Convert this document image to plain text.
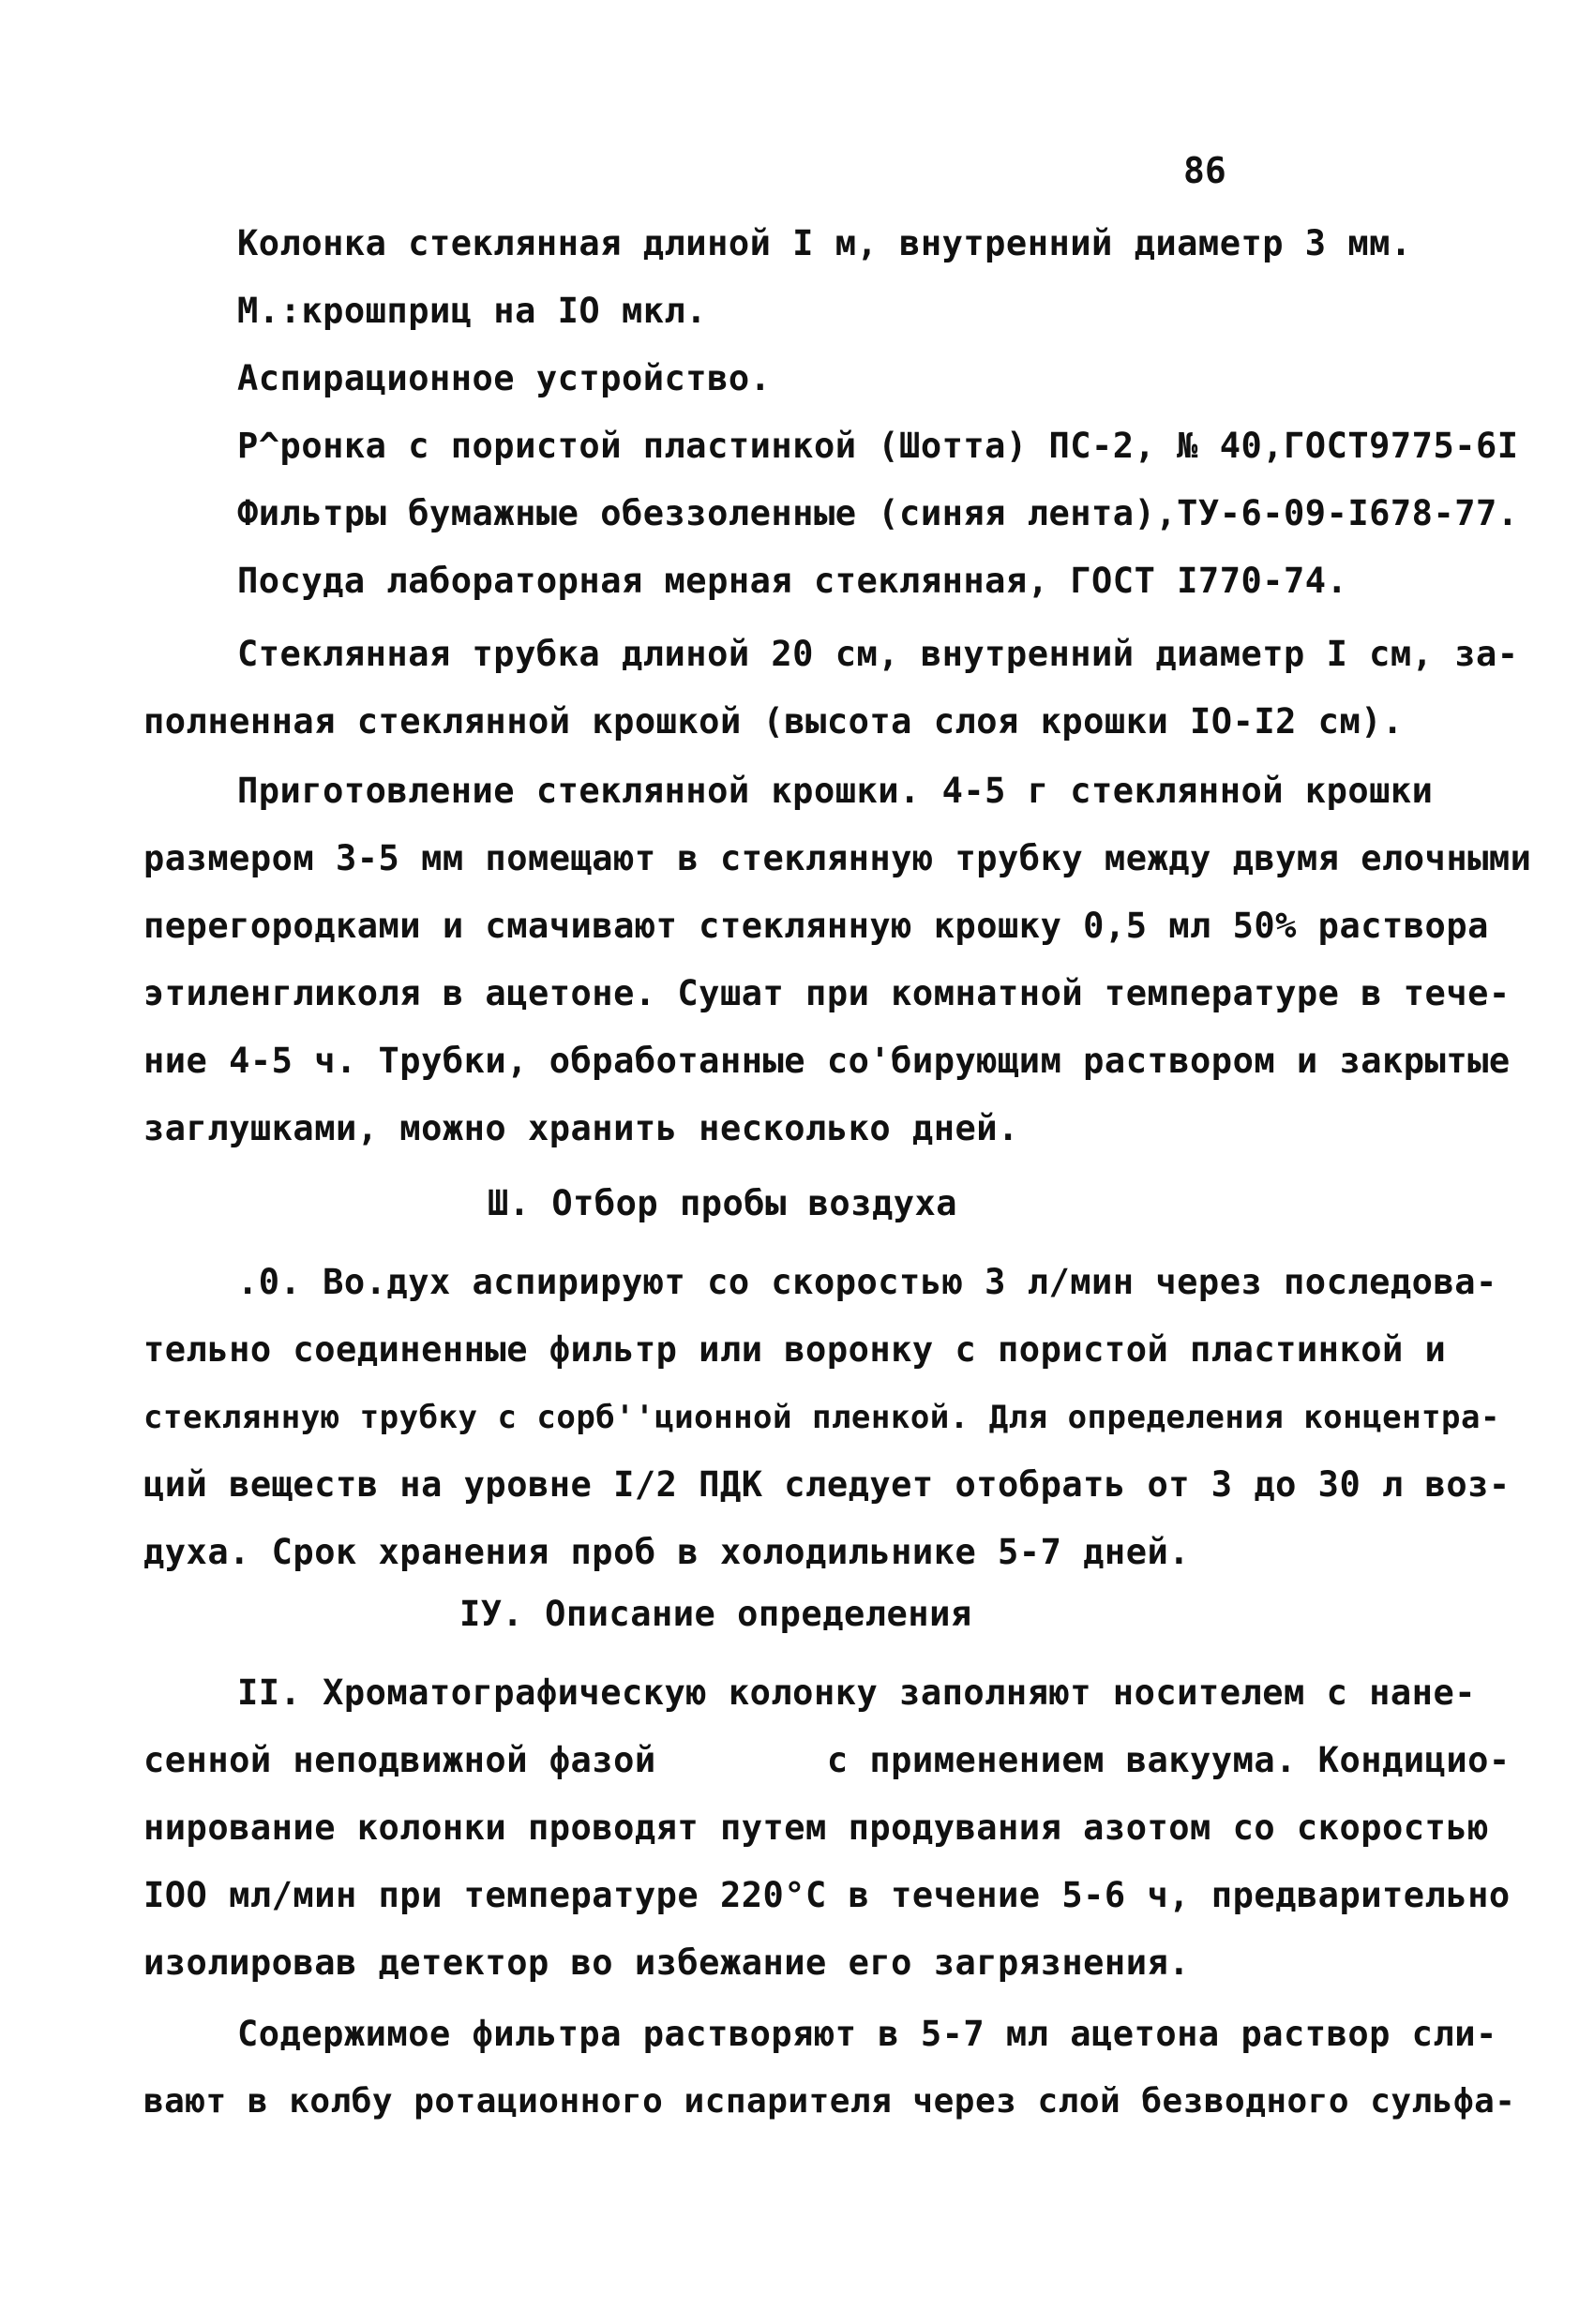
86
Колонка стеклянная длиной I м, внутренний диаметр 3 мм.
М.:крошприц на IO мкл.
Аспирационное устройство.
Р^ронка с пористой пластинкой (Шотта) ПС-2, № 40,ГОСТ9775-6I
Фильтры бумажные обеззоленные (синяя лента),ТУ-6-09-I678-77.
Посуда лабораторная мерная стеклянная, ГОСТ I770-74.
Стеклянная трубка длиной 20 см, внутренний диаметр I см, за-
полненная стеклянной крошкой (высота слоя крошки IO-I2 см).
Приготовление стеклянной крошки. 4-5 г стеклянной крошки
размером 3-5 мм помещают в стеклянную трубку между двумя елочными
перегородками и смачивают стеклянную крошку 0,5 мл 50% раствора
этиленгликоля в ацетоне. Сушат при комнатной температуре в тече-
ние 4-5 ч. Трубки, обработанные со'бирующим раствором и закрытые
заглушками, можно хранить несколько дней.
Ш. Отбор пробы воздуха
.0. Во.дух аспирируют со скоростью 3 л/мин через последова-
тельно соединенные фильтр или воронку с пористой пластинкой и
стеклянную трубку с сорб''ционной пленкой. Для определения концентра-
ций веществ на уровне I/2 ПДК следует отобрать от 3 до 30 л воз-
духа. Срок хранения проб в холодильнике 5-7 дней.
IУ. Описание определения
II. Хроматографическую колонку заполняют носителем с нане-
сенной неподвижной фазой        с применением вакуума. Кондицио-
нирование колонки проводят путем продувания азотом со скоростью
IOO мл/мин при температуре 220°С в течение 5-6 ч, предварительно
изолировав детектор во избежание его загрязнения.
Содержимое фильтра растворяют в 5-7 мл ацетона раствор сли-
вают в колбу ротационного испарителя через слой безводного сульфа-
